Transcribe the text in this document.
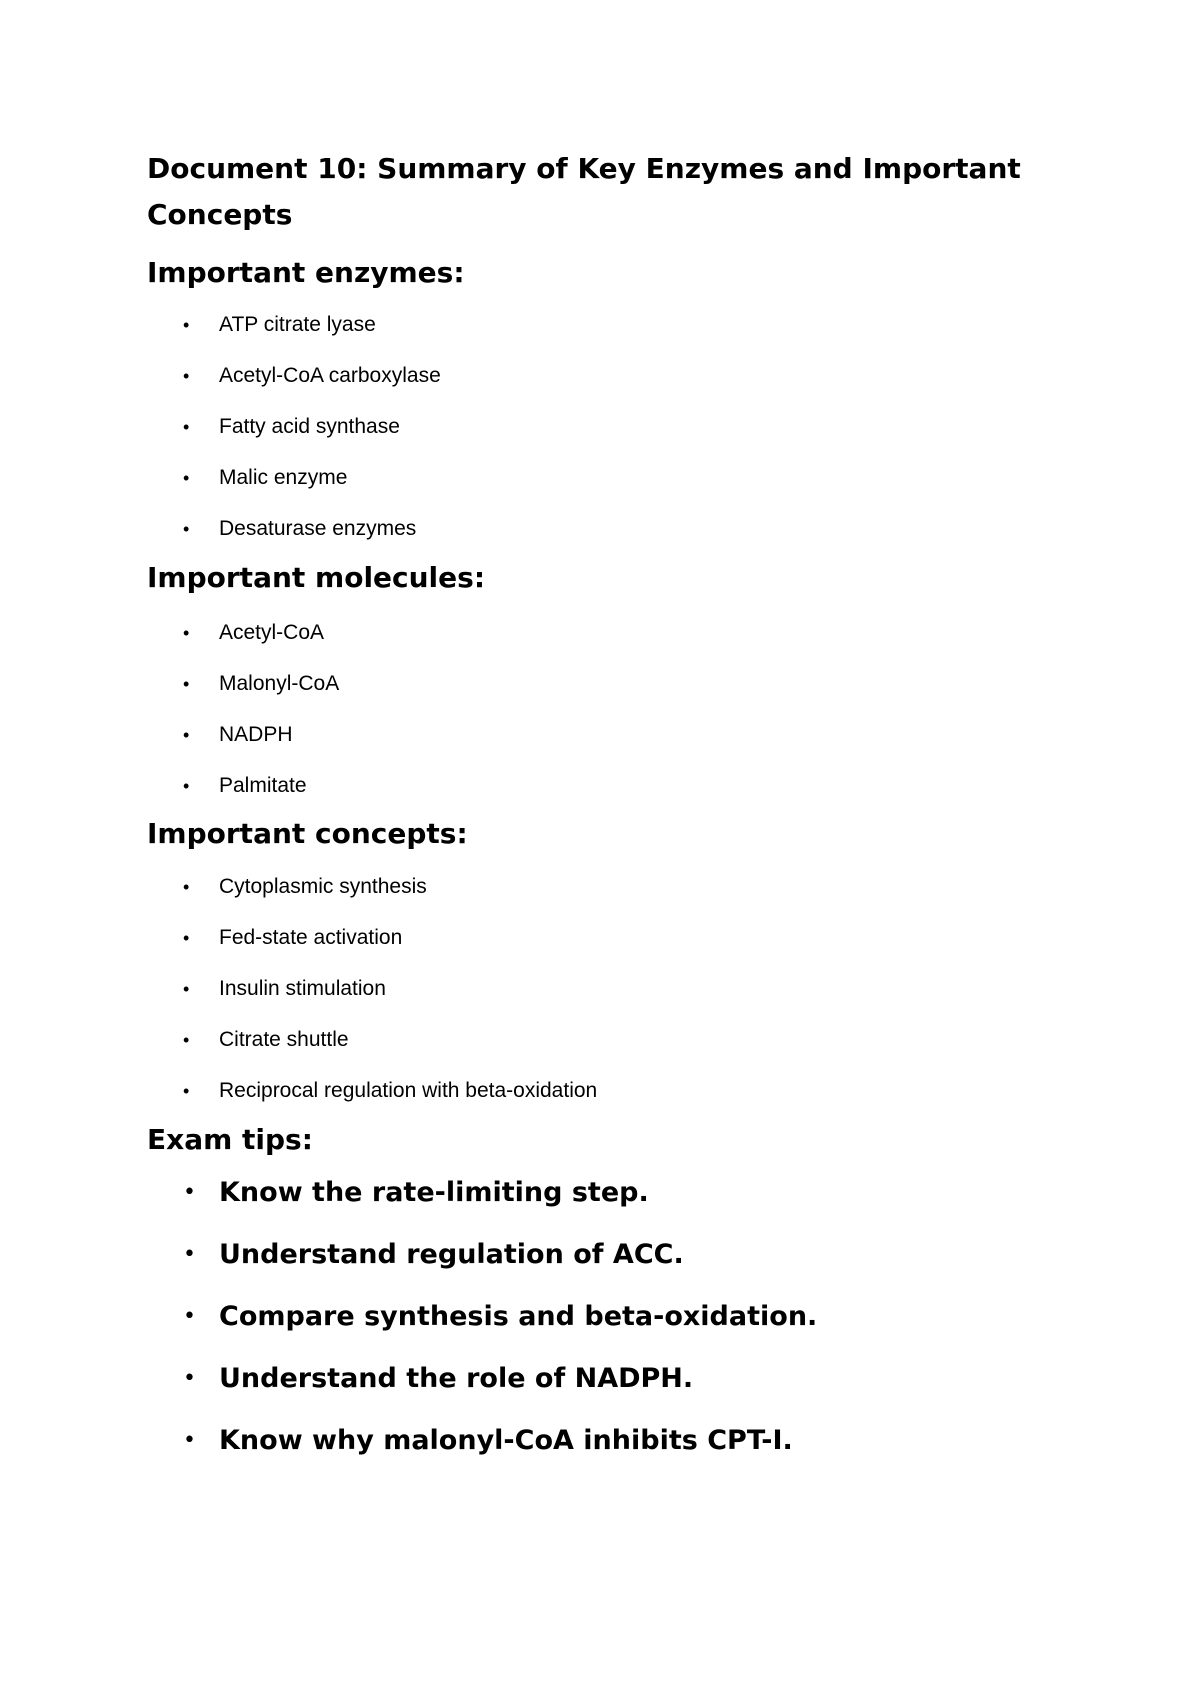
Document 10: Summary of Key Enzymes and Important Concepts
Important enzymes:
• ATP citrate lyase
• Acetyl-CoA carboxylase
• Fatty acid synthase
• Malic enzyme
• Desaturase enzymes
Important molecules:
• Acetyl-CoA
• Malonyl-CoA
• NADPH
• Palmitate
Important concepts:
• Cytoplasmic synthesis
• Fed-state activation
• Insulin stimulation
• Citrate shuttle
• Reciprocal regulation with beta-oxidation
Exam tips:
• Know the rate-limiting step.
• Understand regulation of ACC.
• Compare synthesis and beta-oxidation.
• Understand the role of NADPH.
• Know why malonyl-CoA inhibits CPT-I.
